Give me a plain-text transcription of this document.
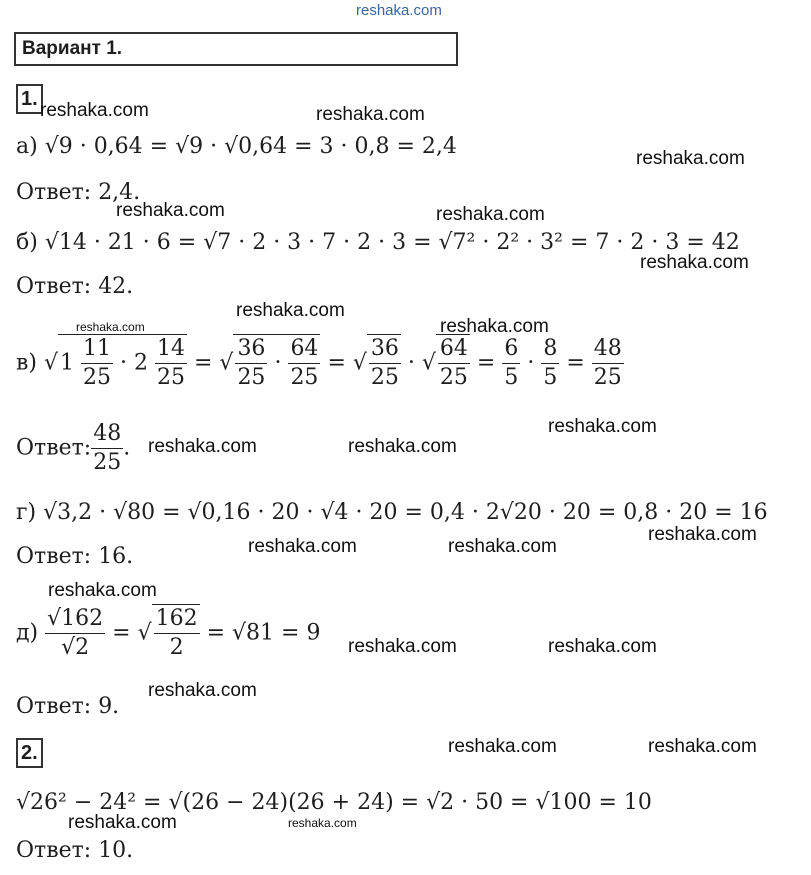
reshaka.com
Вариант 1.
1.
reshaka.com	reshaka.com
а) √9 · 0,64 = √9 · √0,64 = 3 · 0,8 = 2,4	reshaka.com
Ответ: 2,4.
reshaka.com	reshaka.com
б) √14 · 21 · 6 = √7 · 2 · 3 · 7 · 2 · 3 = √7² · 2² · 3² = 7 · 2 · 3 = 42
reshaka.com
Ответ: 42.
reshaka.com
reshaka.com	reshaka.com
в) $√1 \frac{11}{25} \cdot 2 \frac{14}{25}$ = √ $\frac{36}{25} \cdot \frac{64}{25}$ = √ $\frac{36}{25}$ · √ $\frac{64}{25} = \frac{6}{5} \cdot \frac{8}{5} = \frac{48}{25}$
reshaka.com
Ответ: $\frac{48}{25}$ . reshaka.com	reshaka.com
г) √3,2 · √80 = √0,16 · 20 · √4 · 20 = 0,4 · 2√20 · 20 = 0,8 · 20 = 16
reshaka.com
reshaka.com	reshaka.com
Ответ: 16.
reshaka.com
$д) \frac{√162}{√2}$ = √ $\frac{162}{2} = √81 = 9$
reshaka.com	reshaka.com
reshaka.com
Ответ: 9.
2.	reshaka.com	reshaka.com
√26² − 24² = √(26 − 24)(26 + 24) = √2 · 50 = √100 = 10
reshaka.com	reshaka.com
Ответ: 10.
